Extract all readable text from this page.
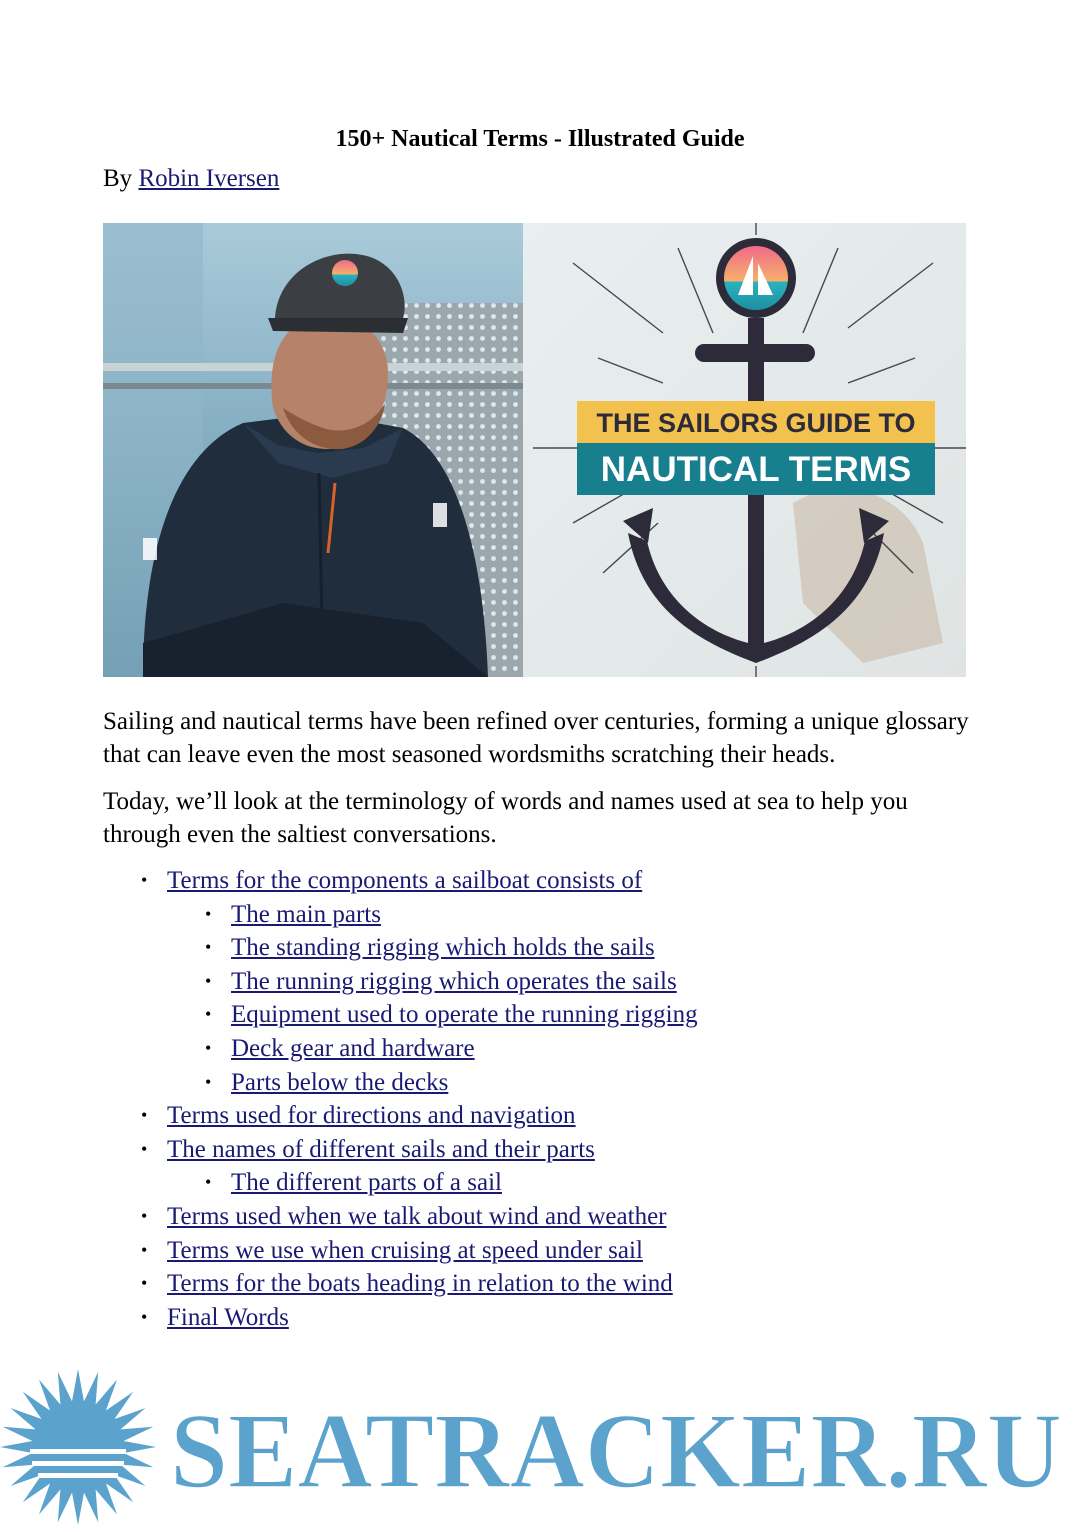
150+ Nautical Terms - Illustrated Guide
By Robin Iversen
THE SAILORS GUIDE TO
NAUTICAL TERMS

Sailing and nautical terms have been refined over centuries, forming a unique glossary that can leave even the most seasoned wordsmiths scratching their heads.

Today, we’ll look at the terminology of words and names used at sea to help you through even the saltiest conversations.

• Terms for the components a sailboat consists of
• The main parts
• The standing rigging which holds the sails
• The running rigging which operates the sails
• Equipment used to operate the running rigging
• Deck gear and hardware
• Parts below the decks
• Terms used for directions and navigation
• The names of different sails and their parts
• The different parts of a sail
• Terms used when we talk about wind and weather
• Terms we use when cruising at speed under sail
• Terms for the boats heading in relation to the wind
• Final Words
SEATRACKER.RU
